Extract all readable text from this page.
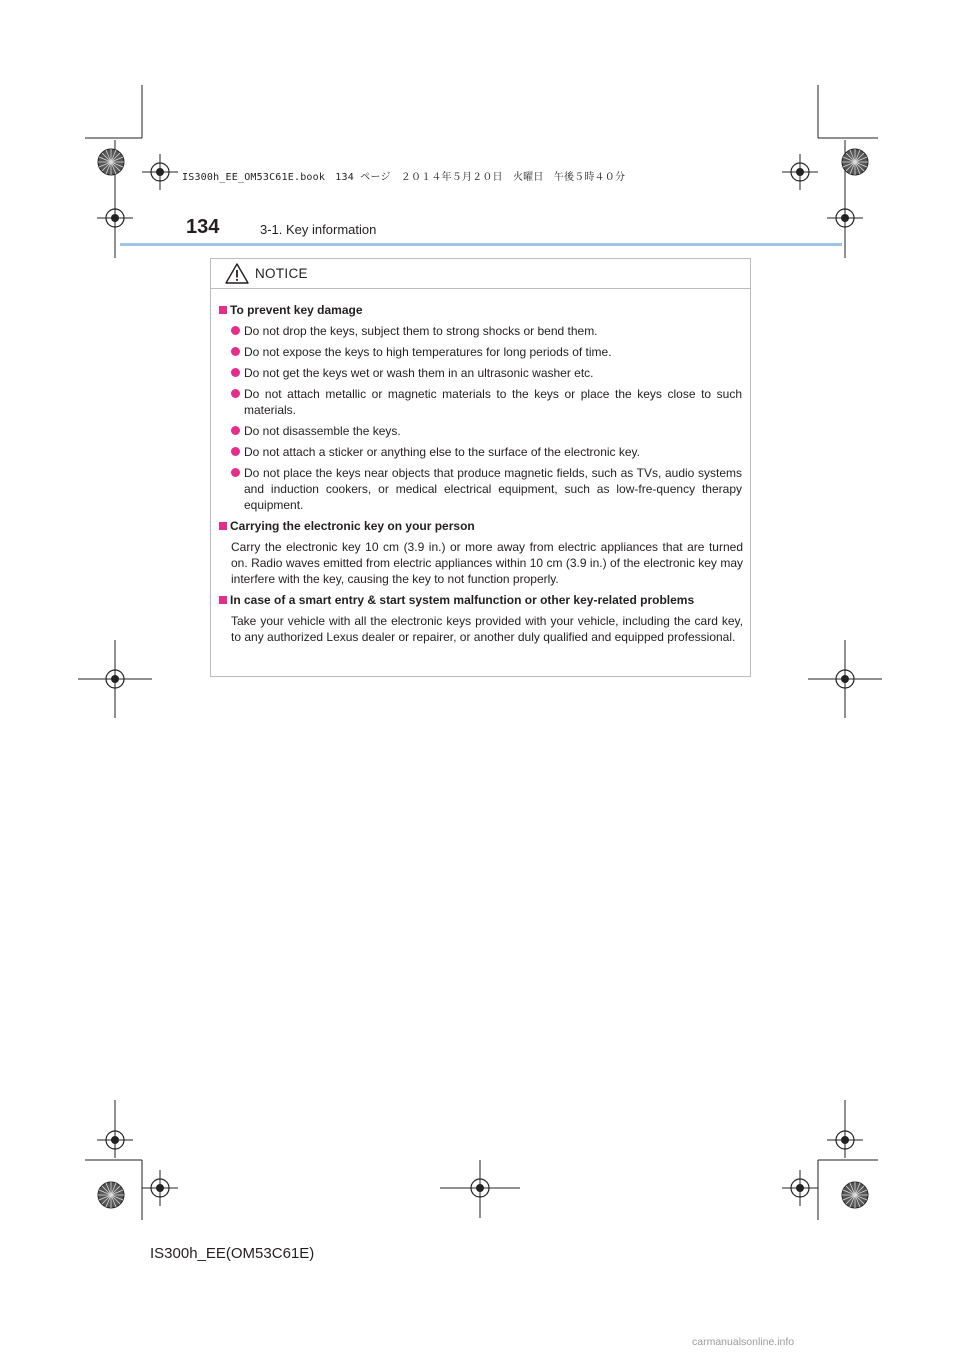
IS300h_EE_OM53C61E.book　134 ページ　２０１４年５月２０日　火曜日　午後５時４０分
134	3-1. Key information
NOTICE
To prevent key damage
Do not drop the keys, subject them to strong shocks or bend them.
Do not expose the keys to high temperatures for long periods of time.
Do not get the keys wet or wash them in an ultrasonic washer etc.
Do not attach metallic or magnetic materials to the keys or place the keys close to such materials.
Do not disassemble the keys.
Do not attach a sticker or anything else to the surface of the electronic key.
Do not place the keys near objects that produce magnetic fields, such as TVs, audio systems and induction cookers, or medical electrical equipment, such as low-fre-quency therapy equipment.
Carrying the electronic key on your person
Carry the electronic key 10 cm (3.9 in.) or more away from electric appliances that are turned on. Radio waves emitted from electric appliances within 10 cm (3.9 in.) of the electronic key may interfere with the key, causing the key to not function properly.
In case of a smart entry & start system malfunction or other key-related problems
Take your vehicle with all the electronic keys provided with your vehicle, including the card key, to any authorized Lexus dealer or repairer, or another duly qualified and equipped professional.
IS300h_EE(OM53C61E)
carmanualsonline.info
